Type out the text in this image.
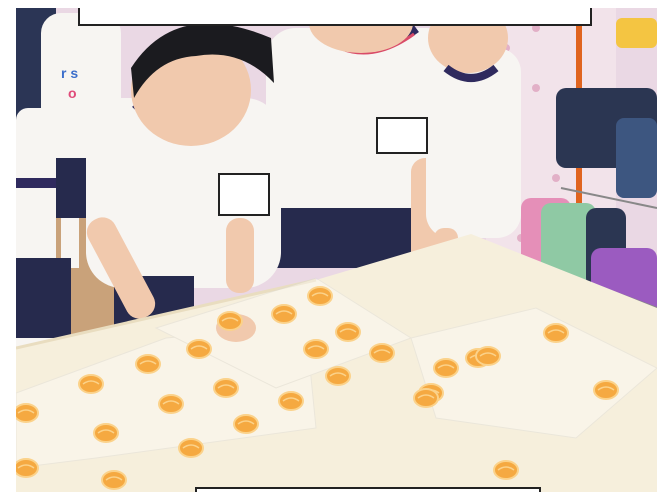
r s
o
